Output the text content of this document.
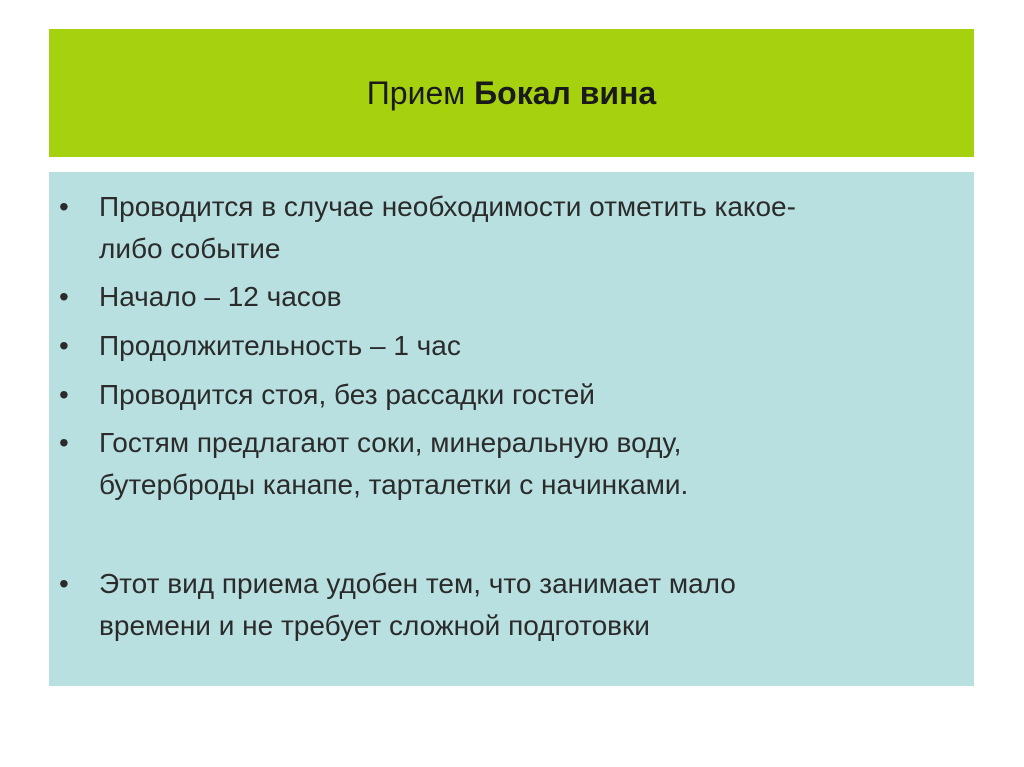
Прием Бокал вина
• Проводится в случае необходимости отметить какое-
либо событие
• Начало – 12 часов
• Продолжительность – 1 час
• Проводится стоя, без рассадки гостей
• Гостям предлагают соки, минеральную воду,
бутерброды канапе, тарталетки с начинками.
• Этот вид приема удобен тем, что занимает мало
времени и не требует сложной подготовки
